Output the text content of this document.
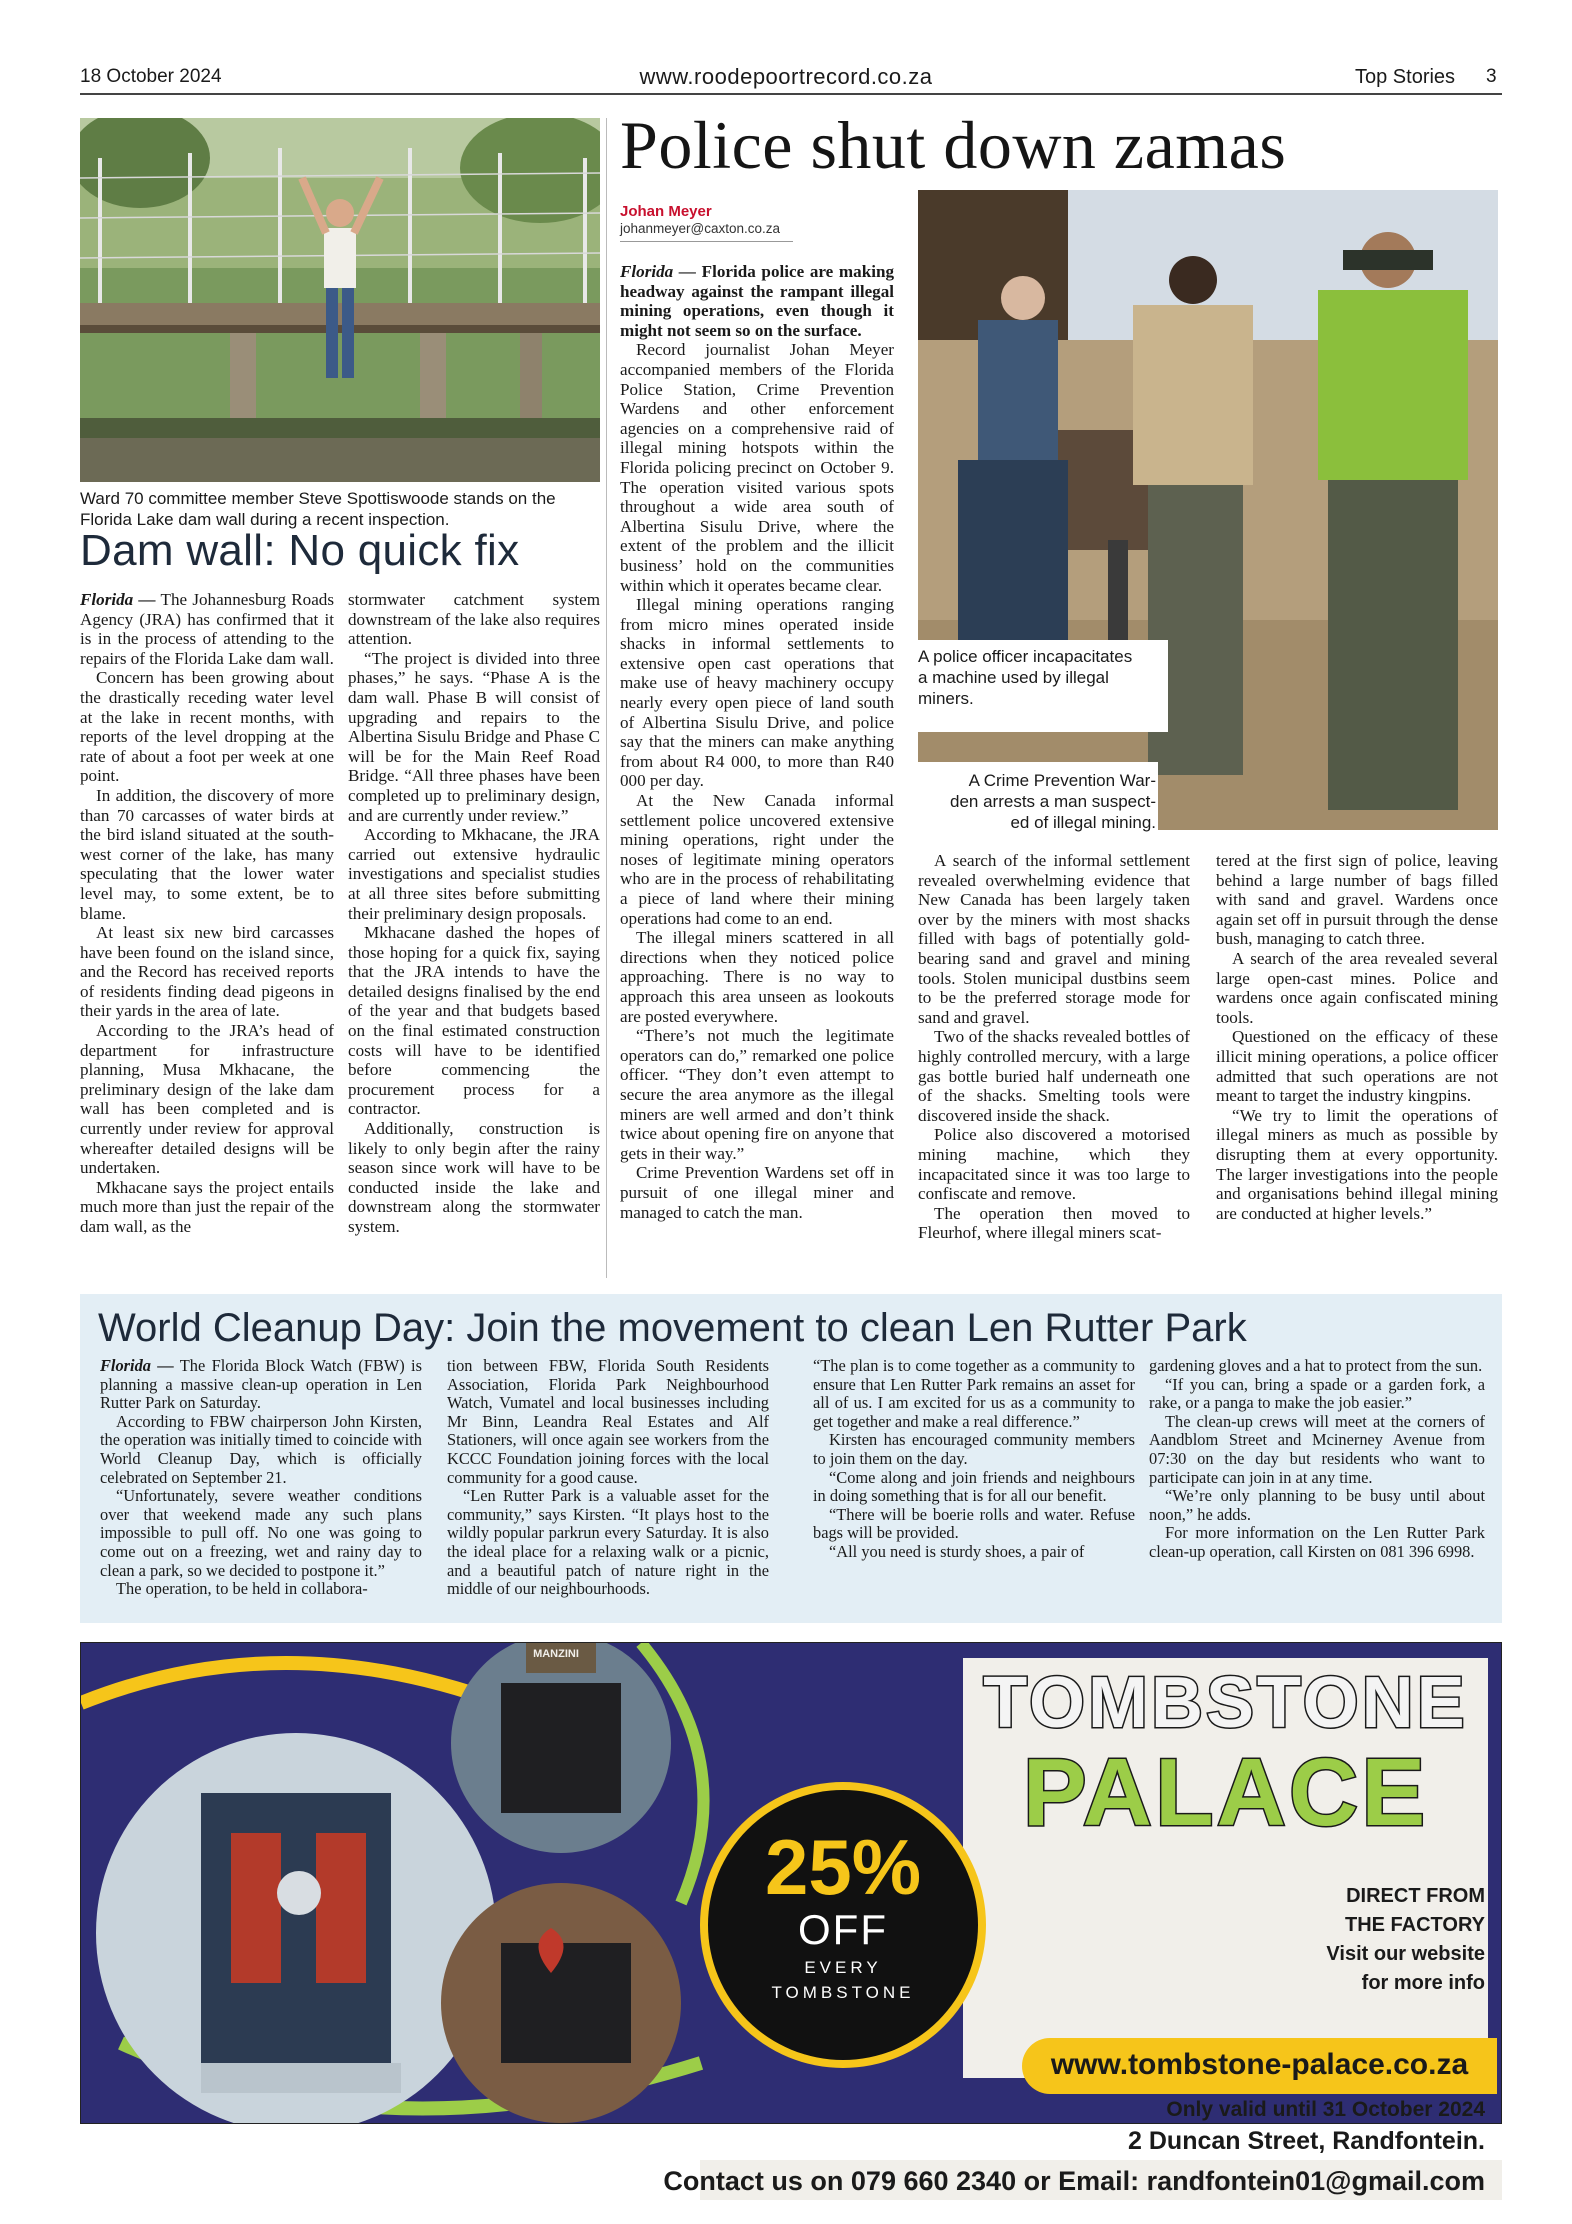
18 October 2024	www.roodepoortrecord.co.za	Top Stories 3
Ward 70 committee member Steve Spottiswoode stands on the
Florida Lake dam wall during a recent inspection.
Dam wall: No quick fix

Florida — The Johannesburg Roads Agency (JRA) has confirmed that it is in the process of attending to the repairs of the Florida Lake dam wall.

Concern has been growing about the drastically receding water level at the lake in recent months, with reports of the level dropping at the rate of about a foot per week at one point.

In addition, the discovery of more than 70 carcasses of water birds at the bird island situated at the south-west corner of the lake, has many speculating that the lower water level may, to some extent, be to blame.

At least six new bird carcasses have been found on the island since, and the Record has received reports of residents finding dead pigeons in their yards in the area of late.

According to the JRA’s head of department for infrastructure planning, Musa Mkhacane, the preliminary design of the lake dam wall has been completed and is currently under review for approval whereafter detailed designs will be undertaken.

Mkhacane says the project entails much more than just the repair of the dam wall, as the

stormwater catchment system downstream of the lake also requires attention.

“The project is divided into three phases,” he says. “Phase A is the dam wall. Phase B will consist of upgrading and repairs to the Albertina Sisulu Bridge and Phase C will be for the Main Reef Road Bridge. “All three phases have been completed up to preliminary design, and are currently under review.”

According to Mkhacane, the JRA carried out extensive hydraulic investigations and specialist studies at all three sites before submitting their preliminary design proposals.

Mkhacane dashed the hopes of those hoping for a quick fix, saying that the JRA intends to have the detailed designs finalised by the end of the year and that budgets based on the final estimated construction costs will have to be identified before commencing the procurement process for a contractor.

Additionally, construction is likely to only begin after the rainy season since work will have to be conducted inside the lake and downstream along the stormwater system.

Police shut down zamas
Johan Meyer
johanmeyer@caxton.co.za

Florida — Florida police are making headway against the rampant illegal mining operations, even though it might not seem so on the surface.

Record journalist Johan Meyer accompanied members of the Florida Police Station, Crime Prevention Wardens and other enforcement agencies on a comprehensive raid of illegal mining hotspots within the Florida policing precinct on October 9. The operation visited various spots throughout a wide area south of Albertina Sisulu Drive, where the extent of the problem and the illicit business’ hold on the communities within which it operates became clear.

Illegal mining operations ranging from micro mines operated inside shacks in informal settlements to extensive open cast operations that make use of heavy machinery occupy nearly every open piece of land south of Albertina Sisulu Drive, and police say that the miners can make anything from about R4 000, to more than R40 000 per day.

At the New Canada informal settlement police uncovered extensive mining operations, right under the noses of legitimate mining operators who are in the process of rehabilitating a piece of land where their mining operations had come to an end.

The illegal miners scattered in all directions when they noticed police approaching. There is no way to approach this area unseen as lookouts are posted everywhere.

“There’s not much the legitimate operators can do,” remarked one police officer. “They don’t even attempt to secure the area anymore as the illegal miners are well armed and don’t think twice about opening fire on anyone that gets in their way.”

Crime Prevention Wardens set off in pursuit of one illegal miner and managed to catch the man.

A police officer incapacitates
a machine used by illegal
miners.
A Crime Prevention War-
den arrests a man suspect-
ed of illegal mining.

A search of the informal settlement revealed overwhelming evidence that New Canada has been largely taken over by the miners with most shacks filled with bags of potentially gold-bearing sand and gravel and mining tools. Stolen municipal dustbins seem to be the preferred storage mode for sand and gravel.

Two of the shacks revealed bottles of highly controlled mercury, with a large gas bottle buried half underneath one of the shacks. Smelting tools were discovered inside the shack.

Police also discovered a motorised mining machine, which they incapacitated since it was too large to confiscate and remove.

The operation then moved to Fleurhof, where illegal miners scat-

tered at the first sign of police, leaving behind a large number of bags filled with sand and gravel. Wardens once again set off in pursuit through the dense bush, managing to catch three.

A search of the area revealed several large open-cast mines. Police and wardens once again confiscated mining tools.

Questioned on the efficacy of these illicit mining operations, a police officer admitted that such operations are not meant to target the industry kingpins.

“We try to limit the operations of illegal miners as much as possible by disrupting them at every opportunity. The larger investigations into the people and organisations behind illegal mining are conducted at higher levels.”

World Cleanup Day: Join the movement to clean Len Rutter Park

Florida — The Florida Block Watch (FBW) is planning a massive clean-up operation in Len Rutter Park on Saturday.

According to FBW chairperson John Kirsten, the operation was initially timed to coincide with World Cleanup Day, which is officially celebrated on September 21.

“Unfortunately, severe weather conditions over that weekend made any such plans impossible to pull off. No one was going to come out on a freezing, wet and rainy day to clean a park, so we decided to postpone it.”

The operation, to be held in collabora-

tion between FBW, Florida South Residents Association, Florida Park Neighbourhood Watch, Vumatel and local businesses including Mr Binn, Leandra Real Estates and Alf Stationers, will once again see workers from the KCCC Foundation joining forces with the local community for a good cause.

“Len Rutter Park is a valuable asset for the community,” says Kirsten. “It plays host to the wildly popular parkrun every Saturday. It is also the ideal place for a relaxing walk or a picnic, and a beautiful patch of nature right in the middle of our neighbourhoods.

“The plan is to come together as a community to ensure that Len Rutter Park remains an asset for all of us. I am excited for us as a community to get together and make a real difference.”

Kirsten has encouraged community members to join them on the day.

“Come along and join friends and neighbours in doing something that is for all our benefit.

“There will be boerie rolls and water. Refuse bags will be provided.

“All you need is sturdy shoes, a pair of

gardening gloves and a hat to protect from the sun.

“If you can, bring a spade or a garden fork, a rake, or a panga to make the job easier.”

The clean-up crews will meet at the corners of Aandblom Street and Mcinerney Avenue from 07:30 on the day but residents who want to participate can join in at any time.

“We’re only planning to be busy until about noon,” he adds.

For more information on the Len Rutter Park clean-up operation, call Kirsten on 081 396 6998.

MANZINI
TOMBSTONE
PALACE
25%
OFF
EVERY
TOMBSTONE
DIRECT FROM
THE FACTORY
Visit our website
for more info
www.tombstone-palace.co.za
Only valid until 31 October 2024
2 Duncan Street, Randfontein.
Contact us on 079 660 2340 or Email: randfontein01@gmail.com
